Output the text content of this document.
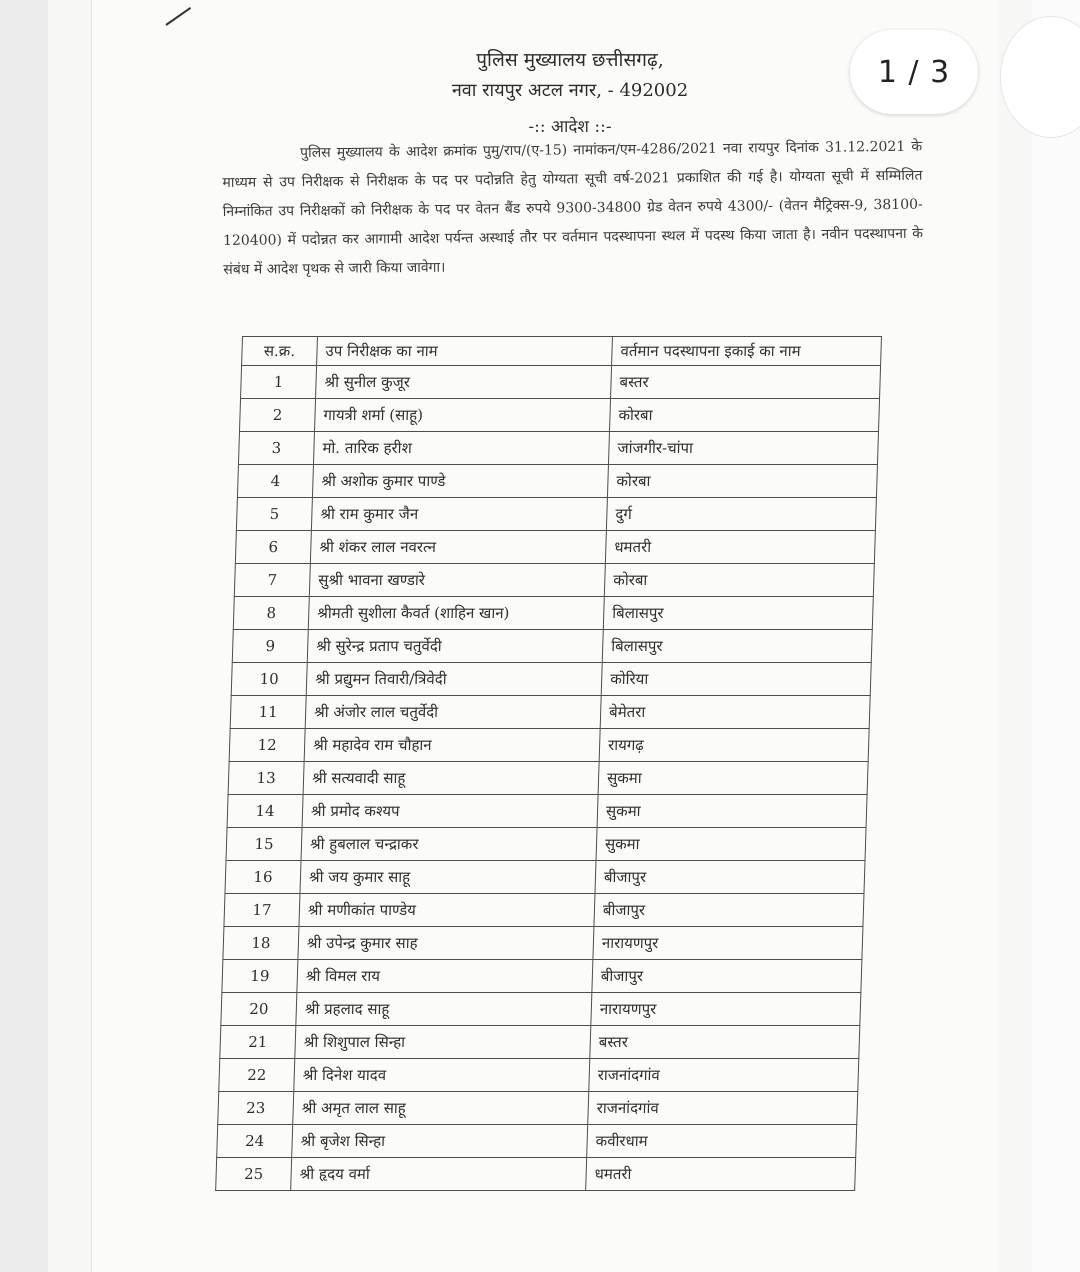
1 / 3
पुलिस मुख्यालय छत्तीसगढ़,
नवा रायपुर अटल नगर, - 492002
-:: आदेश ::-
पुलिस मुख्यालय के आदेश क्रमांक पुमु/राप/(ए-15) नामांकन/एम-4286/2021 नवा रायपुर दिनांक 31.12.2021 के माध्यम से उप निरीक्षक से निरीक्षक के पद पर पदोन्नति हेतु योग्यता सूची वर्ष-2021 प्रकाशित की गई है। योग्यता सूची में सम्मिलित निम्नांकित उप निरीक्षकों को निरीक्षक के पद पर वेतन बैंड रुपये 9300-34800 ग्रेड वेतन रुपये 4300/- (वेतन मैट्रिक्स-9, 38100-120400) में पदोन्नत कर आगामी आदेश पर्यन्त अस्थाई तौर पर वर्तमान पदस्थापना स्थल में पदस्थ किया जाता है। नवीन पदस्थापना के संबंध में आदेश पृथक से जारी किया जावेगा।
स.क्र.	उप निरीक्षक का नाम	वर्तमान पदस्थापना इकाई का नाम
1	श्री सुनील कुजूर	बस्तर
2	गायत्री शर्मा (साहू)	कोरबा
3	मो. तारिक हरीश	जांजगीर-चांपा
4	श्री अशोक कुमार पाण्डे	कोरबा
5	श्री राम कुमार जैन	दुर्ग
6	श्री शंकर लाल नवरत्न	धमतरी
7	सुश्री भावना खण्डारे	कोरबा
8	श्रीमती सुशीला कैवर्त (शाहिन खान)	बिलासपुर
9	श्री सुरेन्द्र प्रताप चतुर्वेदी	बिलासपुर
10	श्री प्रद्युमन तिवारी/त्रिवेदी	कोरिया
11	श्री अंजोर लाल चतुर्वेदी	बेमेतरा
12	श्री महादेव राम चौहान	रायगढ़
13	श्री सत्यवादी साहू	सुकमा
14	श्री प्रमोद कश्यप	सुकमा
15	श्री हुबलाल चन्द्राकर	सुकमा
16	श्री जय कुमार साहू	बीजापुर
17	श्री मणीकांत पाण्डेय	बीजापुर
18	श्री उपेन्द्र कुमार साह	नारायणपुर
19	श्री विमल राय	बीजापुर
20	श्री प्रहलाद साहू	नारायणपुर
21	श्री शिशुपाल सिन्हा	बस्तर
22	श्री दिनेश यादव	राजनांदगांव
23	श्री अमृत लाल साहू	राजनांदगांव
24	श्री बृजेश सिन्हा	कवीरधाम
25	श्री हृदय वर्मा	धमतरी
